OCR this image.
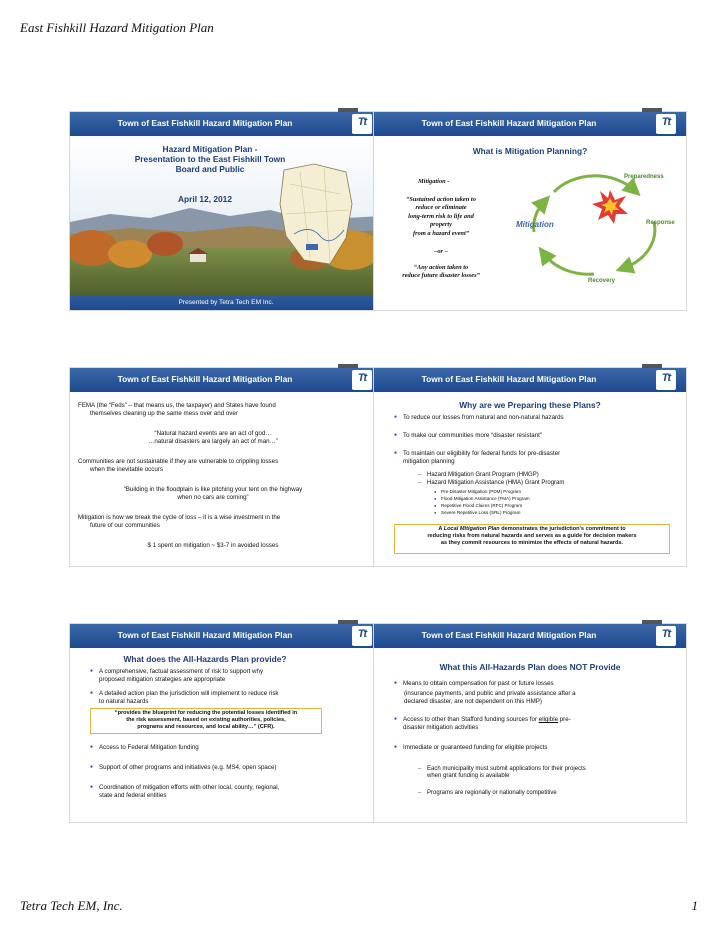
East Fishkill Hazard Mitigation Plan
Town of East Fishkill Hazard Mitigation Plan	Tt
Hazard Mitigation Plan -
Presentation to the East Fishkill Town
Board and Public
April 12, 2012
Presented by Tetra Tech EM Inc.
Town of East Fishkill Hazard Mitigation Plan	Tt
What is Mitigation Planning?
Mitigation -
“Sustained action taken to
reduce or eliminate
long-term risk to life and
property
from a hazard event”
–or –
“Any action taken to
reduce future disaster losses”
Preparedness
Response
Recovery
Mitigation
Town of East Fishkill Hazard Mitigation Plan	Tt
FEMA (the “Feds” – that means us, the taxpayer) and States have found
themselves cleaning up the same mess over and over
“Natural hazard events are an act of god…
…natural disasters are largely an act of man…”
Communities are not sustainable if they are vulnerable to crippling losses
when the inevitable occurs
“Building in the floodplain is like pitching your tent on the highway
when no cars are coming”
Mitigation is how we break the cycle of loss – it is a wise investment in the
future of our communities
$ 1 spent on mitigation ~ $3-7 in avoided losses
Town of East Fishkill Hazard Mitigation Plan	Tt
Why are we Preparing these Plans?
● To reduce our losses from natural and non-natural hazards
● To make our communities more “disaster resistant”
● To maintain our eligibility for federal funds for pre-disaster
mitigation planning
– Hazard Mitigation Grant Program (HMGP)
– Hazard Mitigation Assistance (HMA) Grant Program
● Pre-Disaster Mitigation (PDM) Program
● Flood Mitigation Assistance (FMA) Program
● Repetitive Flood Claims (RFC) Program
● Severe Repetitive Loss (SRL) Program
A Local Mitigation Plan demonstrates the jurisdiction’s commitment to
reducing risks from natural hazards and serves as a guide for decision makers
as they commit resources to minimize the effects of natural hazards.
Town of East Fishkill Hazard Mitigation Plan	Tt
What does the All-Hazards Plan provide?
● A comprehensive, factual assessment of risk to support why
proposed mitigation strategies are appropriate
● A detailed action plan the jurisdiction will implement to reduce risk
to natural hazards
“provides the blueprint for reducing the potential losses identified in
the risk assessment, based on existing authorities, policies,
programs and resources, and local ability…” (CFR).
● Access to Federal Mitigation funding
● Support of other programs and initiatives (e.g. MS4, open space)
● Coordination of mitigation efforts with other local, county, regional,
state and federal entities
Town of East Fishkill Hazard Mitigation Plan	Tt
What this All-Hazards Plan does NOT Provide
● Means to obtain compensation for past or future losses
(insurance payments, and public and private assistance after a
declared disaster, are not dependent on this HMP)
● Access to other than Stafford funding sources for eligible pre-
disaster mitigation activities
● Immediate or guaranteed funding for eligible projects
– Each municipality must submit applications for their projects
when grant funding is available
– Programs are regionally or nationally competitive
Tetra Tech EM, Inc.	1
